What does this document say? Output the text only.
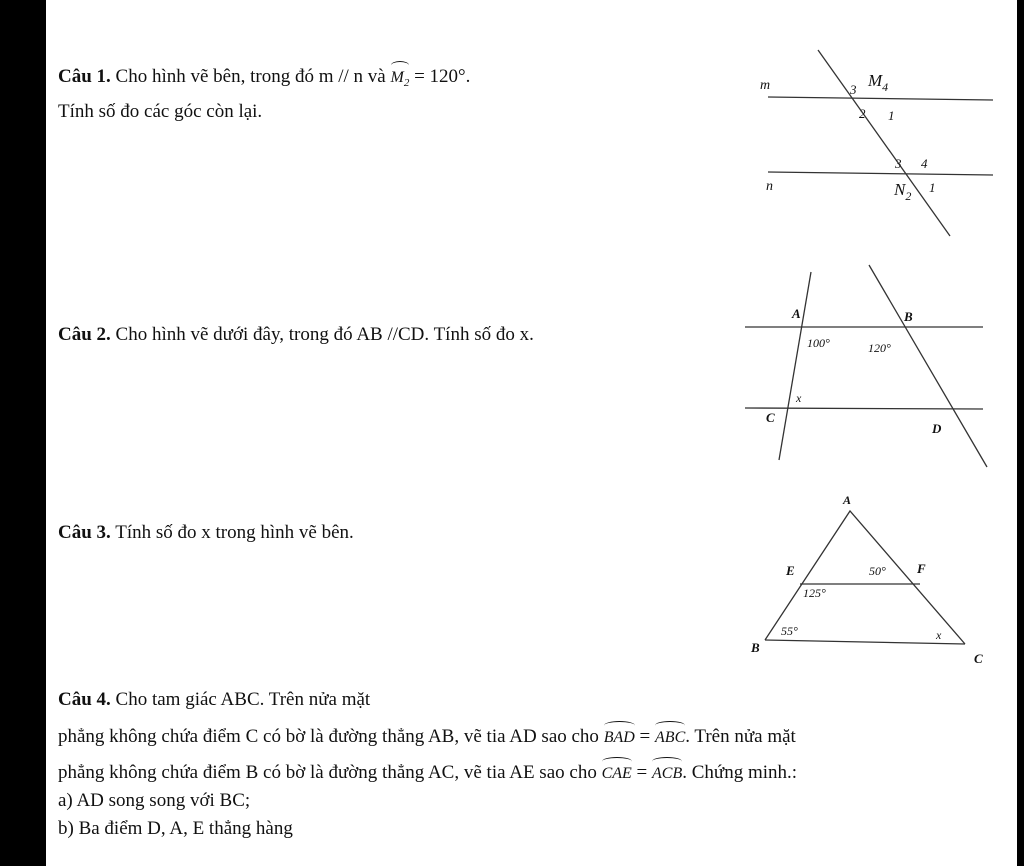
Câu 1. Cho hình vẽ bên, trong đó m // n và $M_2 = 120^\circ$.
Tính số đo các góc còn lại.
m
n
3 $M_4$
2 1
3 4
$N_2$
1
Câu 2. Cho hình vẽ dưới đây, trong đó AB //CD. Tính số đo x.
A	B
100°	120°
x
C
D
Câu 3. Tính số đo x trong hình vẽ bên.
A
E	50° F
125°
55°	x
B
C
Câu 4. Cho tam giác ABC. Trên nửa mặt
phẳng không chứa điểm C có bờ là đường thẳng AB, vẽ tia AD sao cho BAD = ABC. Trên nửa mặt
phẳng không chứa điểm B có bờ là đường thẳng AC, vẽ tia AE sao cho CAE = ACB. Chứng minh.:
a) AD song song với BC;
b) Ba điểm D, A, E thẳng hàng
